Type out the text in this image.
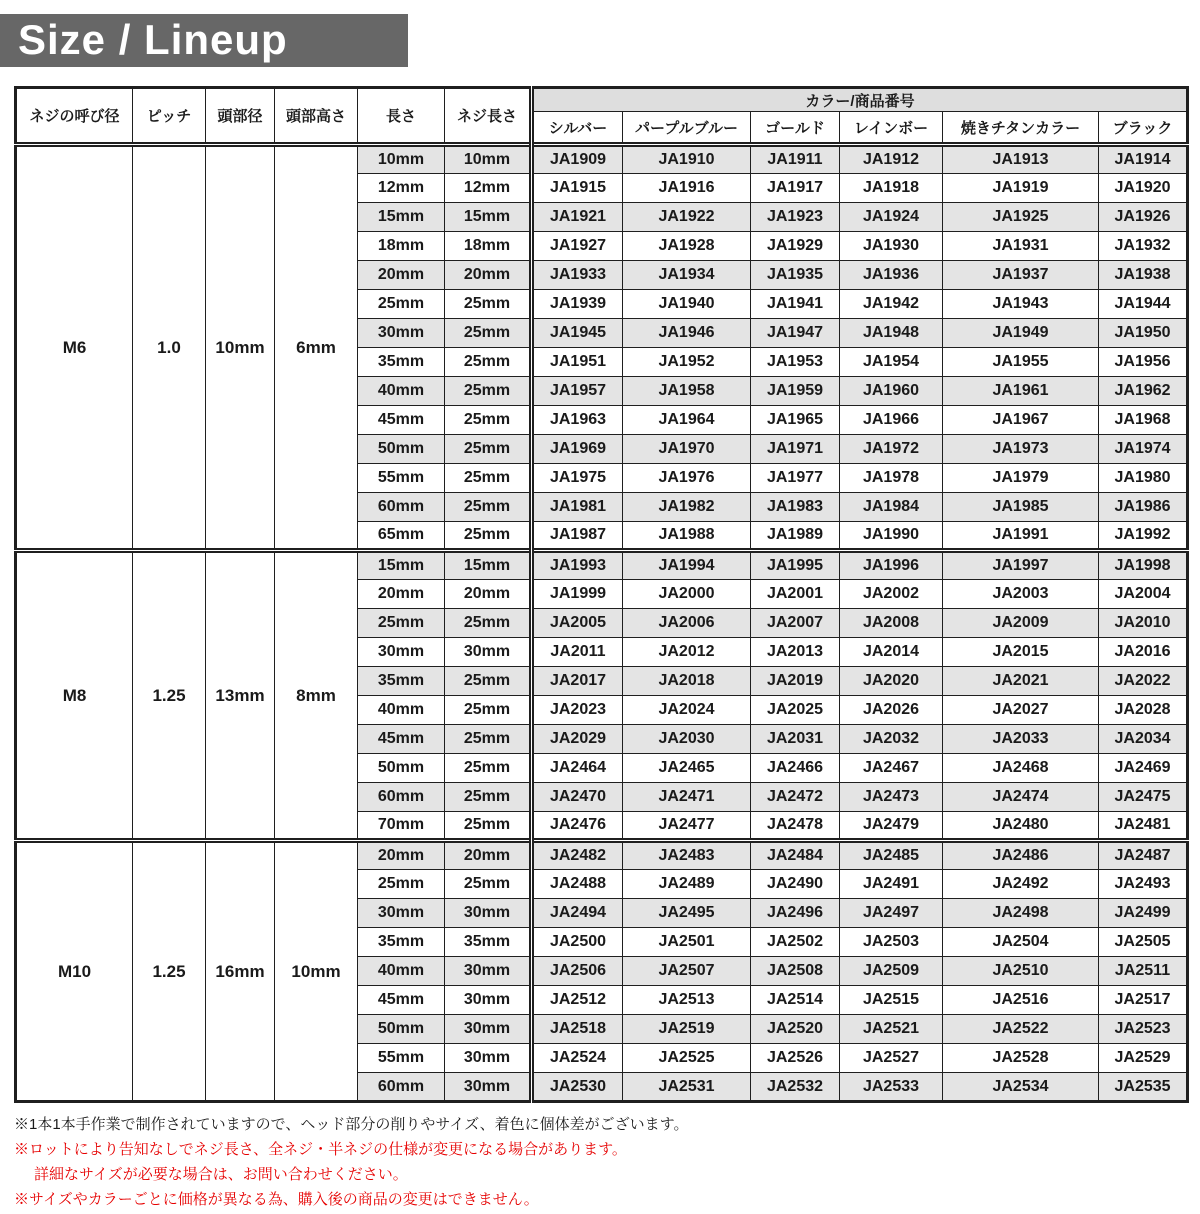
Size / Lineup
ネジの呼び径	ピッチ	頭部径	頭部高さ	長さ	ネジ長さ	カラー/商品番号					
						シルバー	パープルブルー	ゴールド	レインボー	焼きチタンカラー	ブラック
M6	1.0	10mm	6mm	10mm	10mm	JA1909	JA1910	JA1911	JA1912	JA1913	JA1914
				12mm	12mm	JA1915	JA1916	JA1917	JA1918	JA1919	JA1920
				15mm	15mm	JA1921	JA1922	JA1923	JA1924	JA1925	JA1926
				18mm	18mm	JA1927	JA1928	JA1929	JA1930	JA1931	JA1932
				20mm	20mm	JA1933	JA1934	JA1935	JA1936	JA1937	JA1938
				25mm	25mm	JA1939	JA1940	JA1941	JA1942	JA1943	JA1944
				30mm	25mm	JA1945	JA1946	JA1947	JA1948	JA1949	JA1950
				35mm	25mm	JA1951	JA1952	JA1953	JA1954	JA1955	JA1956
				40mm	25mm	JA1957	JA1958	JA1959	JA1960	JA1961	JA1962
				45mm	25mm	JA1963	JA1964	JA1965	JA1966	JA1967	JA1968
				50mm	25mm	JA1969	JA1970	JA1971	JA1972	JA1973	JA1974
				55mm	25mm	JA1975	JA1976	JA1977	JA1978	JA1979	JA1980
				60mm	25mm	JA1981	JA1982	JA1983	JA1984	JA1985	JA1986
				65mm	25mm	JA1987	JA1988	JA1989	JA1990	JA1991	JA1992
M8	1.25	13mm	8mm	15mm	15mm	JA1993	JA1994	JA1995	JA1996	JA1997	JA1998
				20mm	20mm	JA1999	JA2000	JA2001	JA2002	JA2003	JA2004
				25mm	25mm	JA2005	JA2006	JA2007	JA2008	JA2009	JA2010
				30mm	30mm	JA2011	JA2012	JA2013	JA2014	JA2015	JA2016
				35mm	25mm	JA2017	JA2018	JA2019	JA2020	JA2021	JA2022
				40mm	25mm	JA2023	JA2024	JA2025	JA2026	JA2027	JA2028
				45mm	25mm	JA2029	JA2030	JA2031	JA2032	JA2033	JA2034
				50mm	25mm	JA2464	JA2465	JA2466	JA2467	JA2468	JA2469
				60mm	25mm	JA2470	JA2471	JA2472	JA2473	JA2474	JA2475
				70mm	25mm	JA2476	JA2477	JA2478	JA2479	JA2480	JA2481
M10	1.25	16mm	10mm	20mm	20mm	JA2482	JA2483	JA2484	JA2485	JA2486	JA2487
				25mm	25mm	JA2488	JA2489	JA2490	JA2491	JA2492	JA2493
				30mm	30mm	JA2494	JA2495	JA2496	JA2497	JA2498	JA2499
				35mm	35mm	JA2500	JA2501	JA2502	JA2503	JA2504	JA2505
				40mm	30mm	JA2506	JA2507	JA2508	JA2509	JA2510	JA2511
				45mm	30mm	JA2512	JA2513	JA2514	JA2515	JA2516	JA2517
				50mm	30mm	JA2518	JA2519	JA2520	JA2521	JA2522	JA2523
				55mm	30mm	JA2524	JA2525	JA2526	JA2527	JA2528	JA2529
				60mm	30mm	JA2530	JA2531	JA2532	JA2533	JA2534	JA2535

※1本1本手作業で制作されていますので、ヘッド部分の削りやサイズ、着色に個体差がございます。

※ロットにより告知なしでネジ長さ、全ネジ・半ネジの仕様が変更になる場合があります。

詳細なサイズが必要な場合は、お問い合わせください。

※サイズやカラーごとに価格が異なる為、購入後の商品の変更はできません。
